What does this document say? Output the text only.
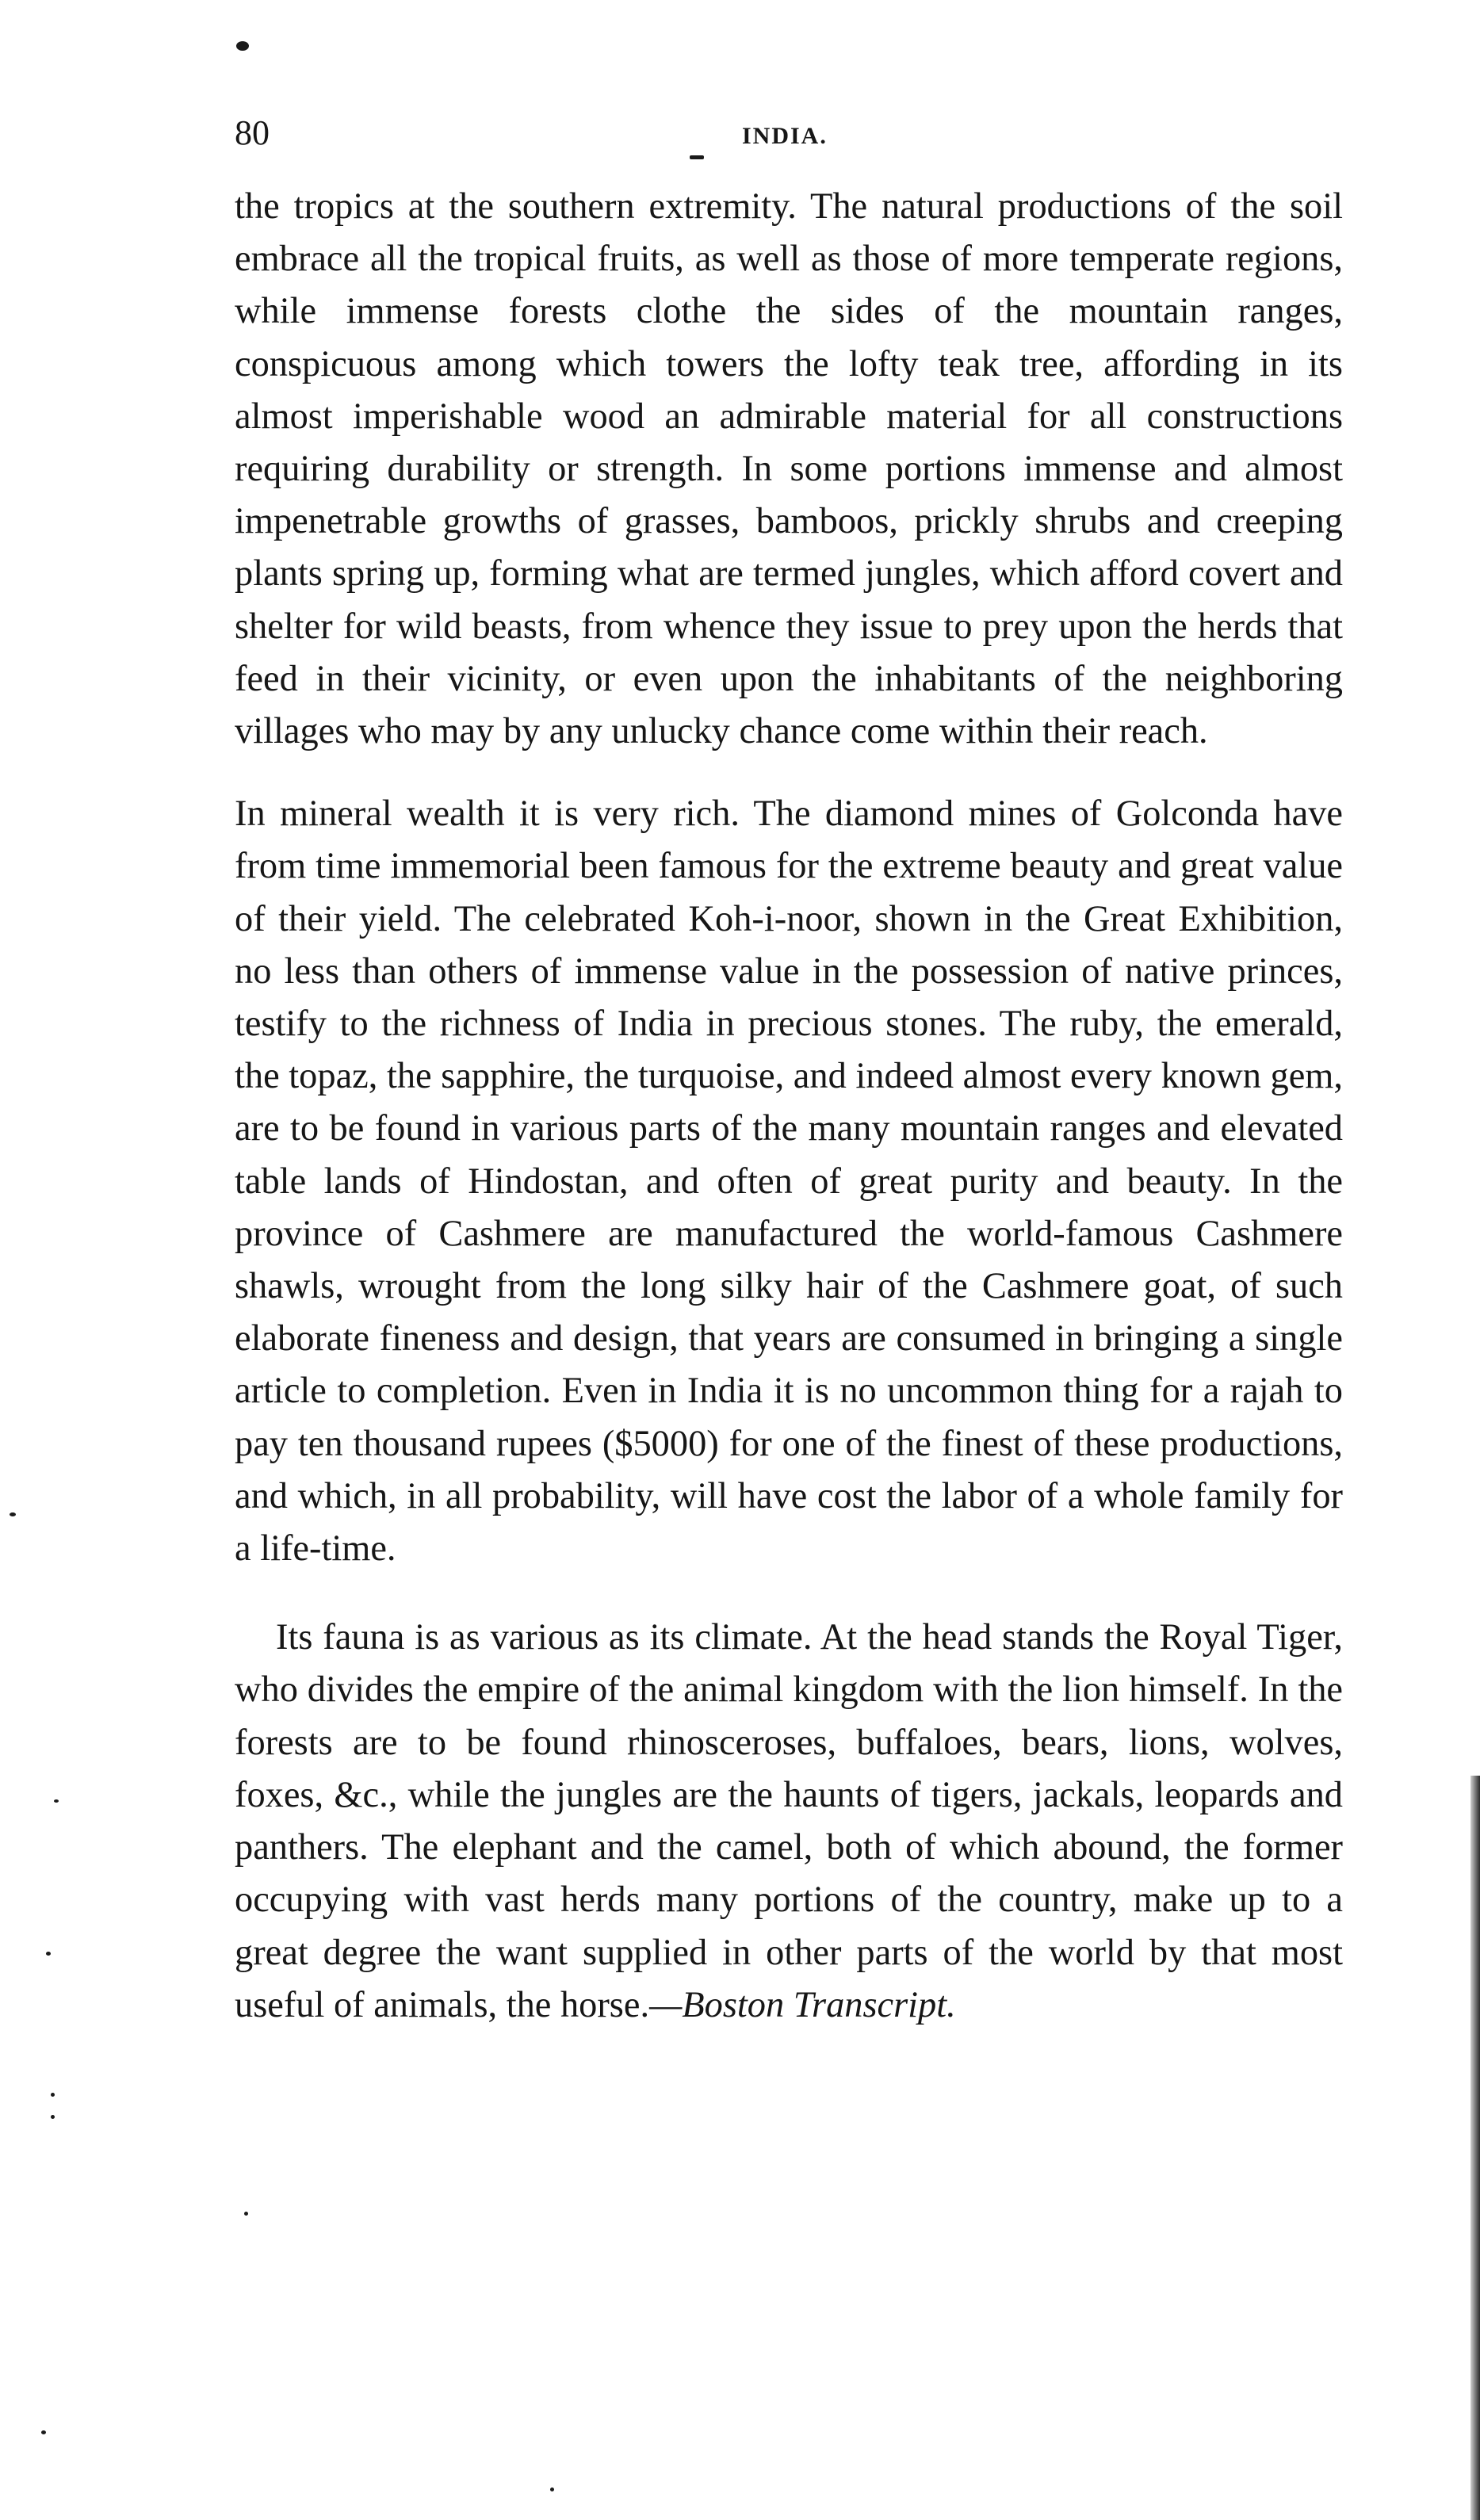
80	INDIA.

the tropics at the southern extremity. The natural productions of the soil embrace all the tropical fruits, as well as those of more temperate regions, while immense forests clothe the sides of the mountain ranges, conspicuous among which towers the lofty teak tree, affording in its almost imperishable wood an admirable material for all constructions requiring durability or strength. In some portions immense and almost impenetrable growths of grasses, bamboos, prickly shrubs and creeping plants spring up, forming what are termed jungles, which afford covert and shelter for wild beasts, from whence they issue to prey upon the herds that feed in their vicinity, or even upon the inhabitants of the neighboring villages who may by any unlucky chance come within their reach.

In mineral wealth it is very rich. The diamond mines of Golconda have from time immemorial been famous for the extreme beauty and great value of their yield. The celebrated Koh-i-noor, shown in the Great Exhibition, no less than others of immense value in the possession of native princes, testify to the richness of India in precious stones. The ruby, the emerald, the topaz, the sapphire, the turquoise, and indeed almost every known gem, are to be found in various parts of the many mountain ranges and elevated table lands of Hindostan, and often of great purity and beauty. In the province of Cashmere are manufactured the world-famous Cashmere shawls, wrought from the long silky hair of the Cashmere goat, of such elaborate fineness and design, that years are consumed in bringing a single article to completion. Even in India it is no uncommon thing for a rajah to pay ten thousand rupees ($5000) for one of the finest of these productions, and which, in all probability, will have cost the labor of a whole family for a life-time.

Its fauna is as various as its climate. At the head stands the Royal Tiger, who divides the empire of the animal kingdom with the lion himself. In the forests are to be found rhinosceroses, buffaloes, bears, lions, wolves, foxes, &c., while the jungles are the haunts of tigers, jackals, leopards and panthers. The elephant and the camel, both of which abound, the former occupying with vast herds many portions of the country, make up to a great degree the want supplied in other parts of the world by that most useful of animals, the horse.—Boston Transcript.
